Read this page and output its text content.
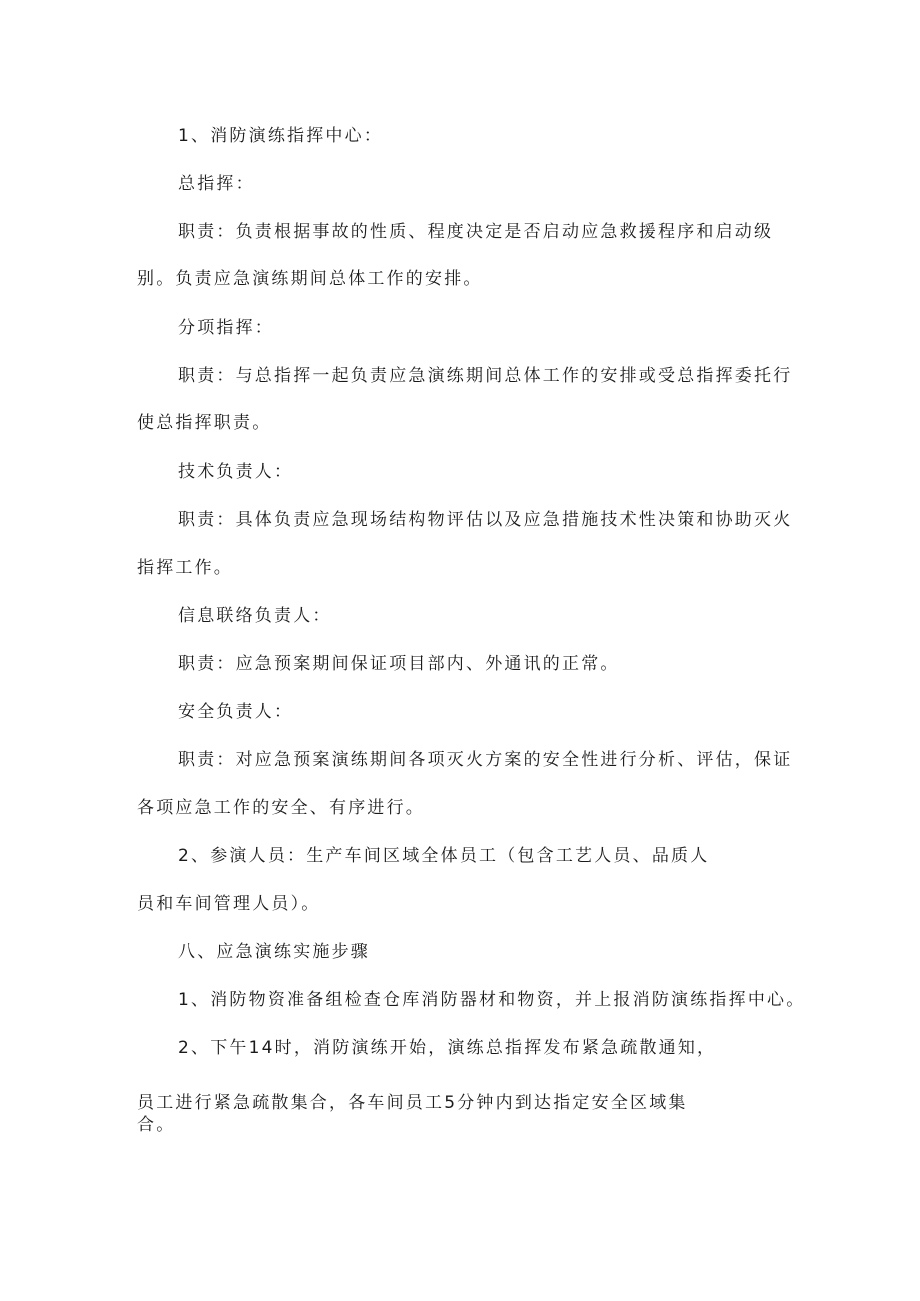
1、消防演练指挥中心：
总指挥：
职责：负责根据事故的性质、程度决定是否启动应急救援程序和启动级
别。负责应急演练期间总体工作的安排。
分项指挥：
职责：与总指挥一起负责应急演练期间总体工作的安排或受总指挥委托行
使总指挥职责。
技术负责人：
职责：具体负责应急现场结构物评估以及应急措施技术性决策和协助灭火
指挥工作。
信息联络负责人：
职责：应急预案期间保证项目部内、外通讯的正常。
安全负责人：
职责：对应急预案演练期间各项灭火方案的安全性进行分析、评估，保证
各项应急工作的安全、有序进行。
2、参演人员：生产车间区域全体员工（包含工艺人员、品质人
员和车间管理人员）。
八、应急演练实施步骤
1、消防物资准备组检查仓库消防器材和物资，并上报消防演练指挥中心。
2、下午14时，消防演练开始，演练总指挥发布紧急疏散通知，
员工进行紧急疏散集合，各车间员工5分钟内到达指定安全区域集
合。
